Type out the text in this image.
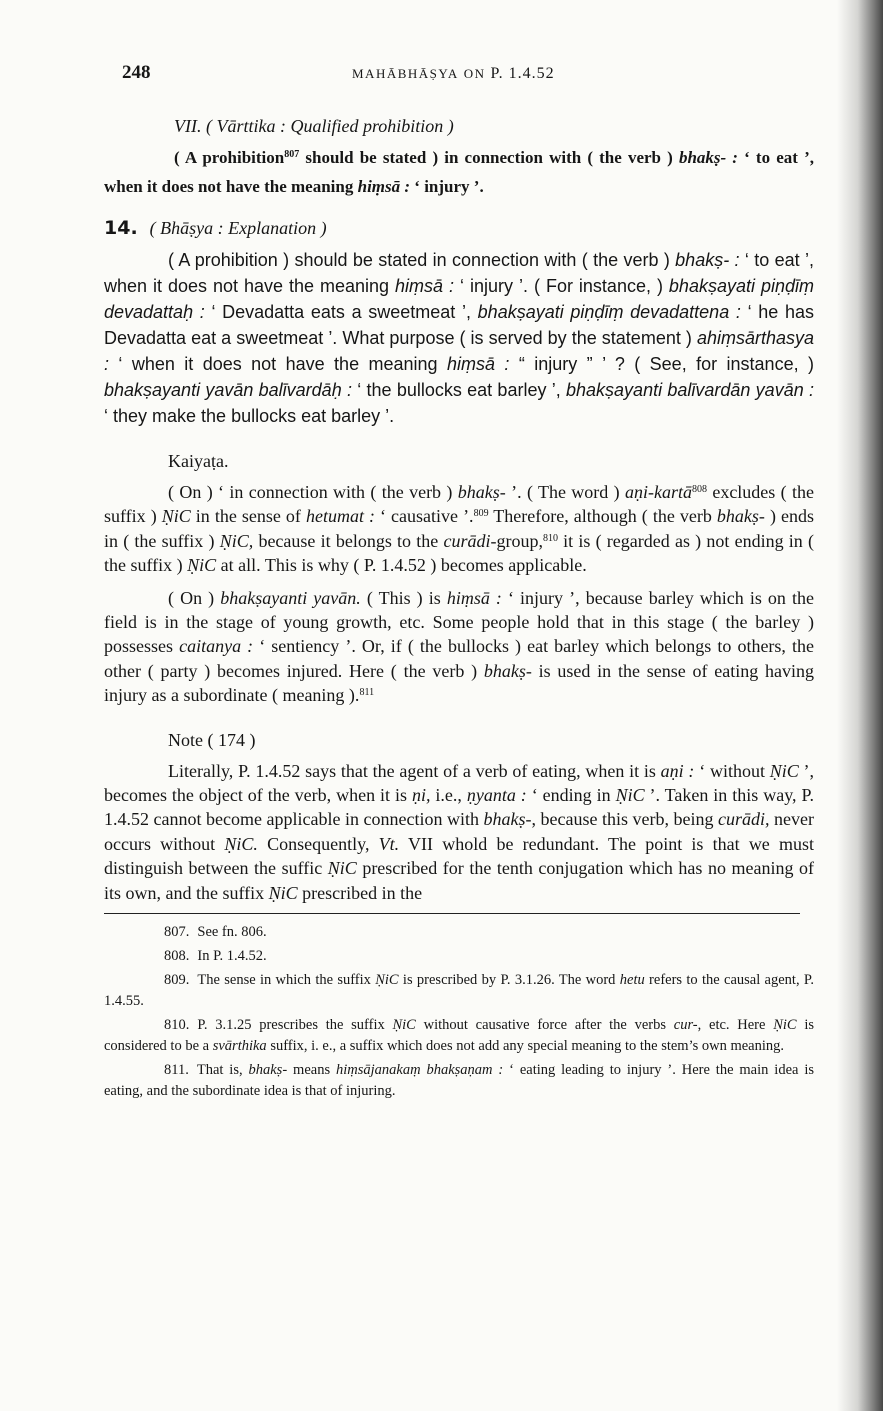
248	MAHĀBHĀṢYA ON P. 1.4.52
VII. ( Vārttika : Qualified prohibition )

( A prohibition$^{807}$ should be stated ) in connection with ( the verb ) bhakṣ- : ‘ to eat ’, when it does not have the meaning hiṃsā : ‘ injury ’.

14. ( Bhāṣya : Explanation )

( A prohibition ) should be stated in connection with ( the verb ) bhakṣ- : ‘ to eat ’, when it does not have the meaning hiṃsā : ‘ injury ’. ( For instance, ) bhakṣayati piṇḍīṃ devadattaḥ : ‘ Devadatta eats a sweetmeat ’, bhakṣayati piṇḍīṃ devadattena : ‘ he has Devadatta eat a sweetmeat ’. What purpose ( is served by the statement ) ahiṃsārthasya : ‘ when it does not have the meaning hiṃsā : “ injury ” ’ ? ( See, for instance, ) bhakṣayanti yavān balīvardāḥ : ‘ the bullocks eat barley ’, bhakṣayanti balīvardān yavān : ‘ they make the bullocks eat barley ’.

Kaiyaṭa.

( On ) ‘ in connection with ( the verb ) bhakṣ- ’. ( The word ) aṇi-kartā$^{808}$ excludes ( the suffix ) ṆiC in the sense of hetumat : ‘ causative ’.$^{809}$ Therefore, although ( the verb bhakṣ- ) ends in ( the suffix ) ṆiC, because it belongs to the curādi-group,$^{810}$ it is ( regarded as ) not ending in ( the suffix ) ṆiC at all. This is why ( P. 1.4.52 ) becomes applicable.

( On ) bhakṣayanti yavān. ( This ) is hiṃsā : ‘ injury ’, because barley which is on the field is in the stage of young growth, etc. Some people hold that in this stage ( the barley ) possesses caitanya : ‘ sentiency ’. Or, if ( the bullocks ) eat barley which belongs to others, the other ( party ) becomes injured. Here ( the verb ) bhakṣ- is used in the sense of eating having injury as a subordinate ( meaning ).$^{811}$

Note ( 174 )

Literally, P. 1.4.52 says that the agent of a verb of eating, when it is aṇi : ‘ without ṆiC ’, becomes the object of the verb, when it is ṇi, i.e., ṇyanta : ‘ ending in ṆiC ’. Taken in this way, P. 1.4.52 cannot become applicable in connection with bhakṣ-, because this verb, being curādi, never occurs without ṆiC. Consequently, Vt. VII whold be redundant. The point is that we must distinguish between the suffic ṆiC prescribed for the tenth conjugation which has no meaning of its own, and the suffix ṆiC prescribed in the

807. See fn. 806.

808. In P. 1.4.52.

809. The sense in which the suffix ṆiC is prescribed by P. 3.1.26. The word hetu refers to the causal agent, P. 1.4.55.

810. P. 3.1.25 prescribes the suffix ṆiC without causative force after the verbs cur-, etc. Here ṆiC is considered to be a svārthika suffix, i. e., a suffix which does not add any special meaning to the stem’s own meaning.

811. That is, bhakṣ- means hiṃsājanakaṃ bhakṣaṇam : ‘ eating leading to injury ’. Here the main idea is eating, and the subordinate idea is that of injuring.
